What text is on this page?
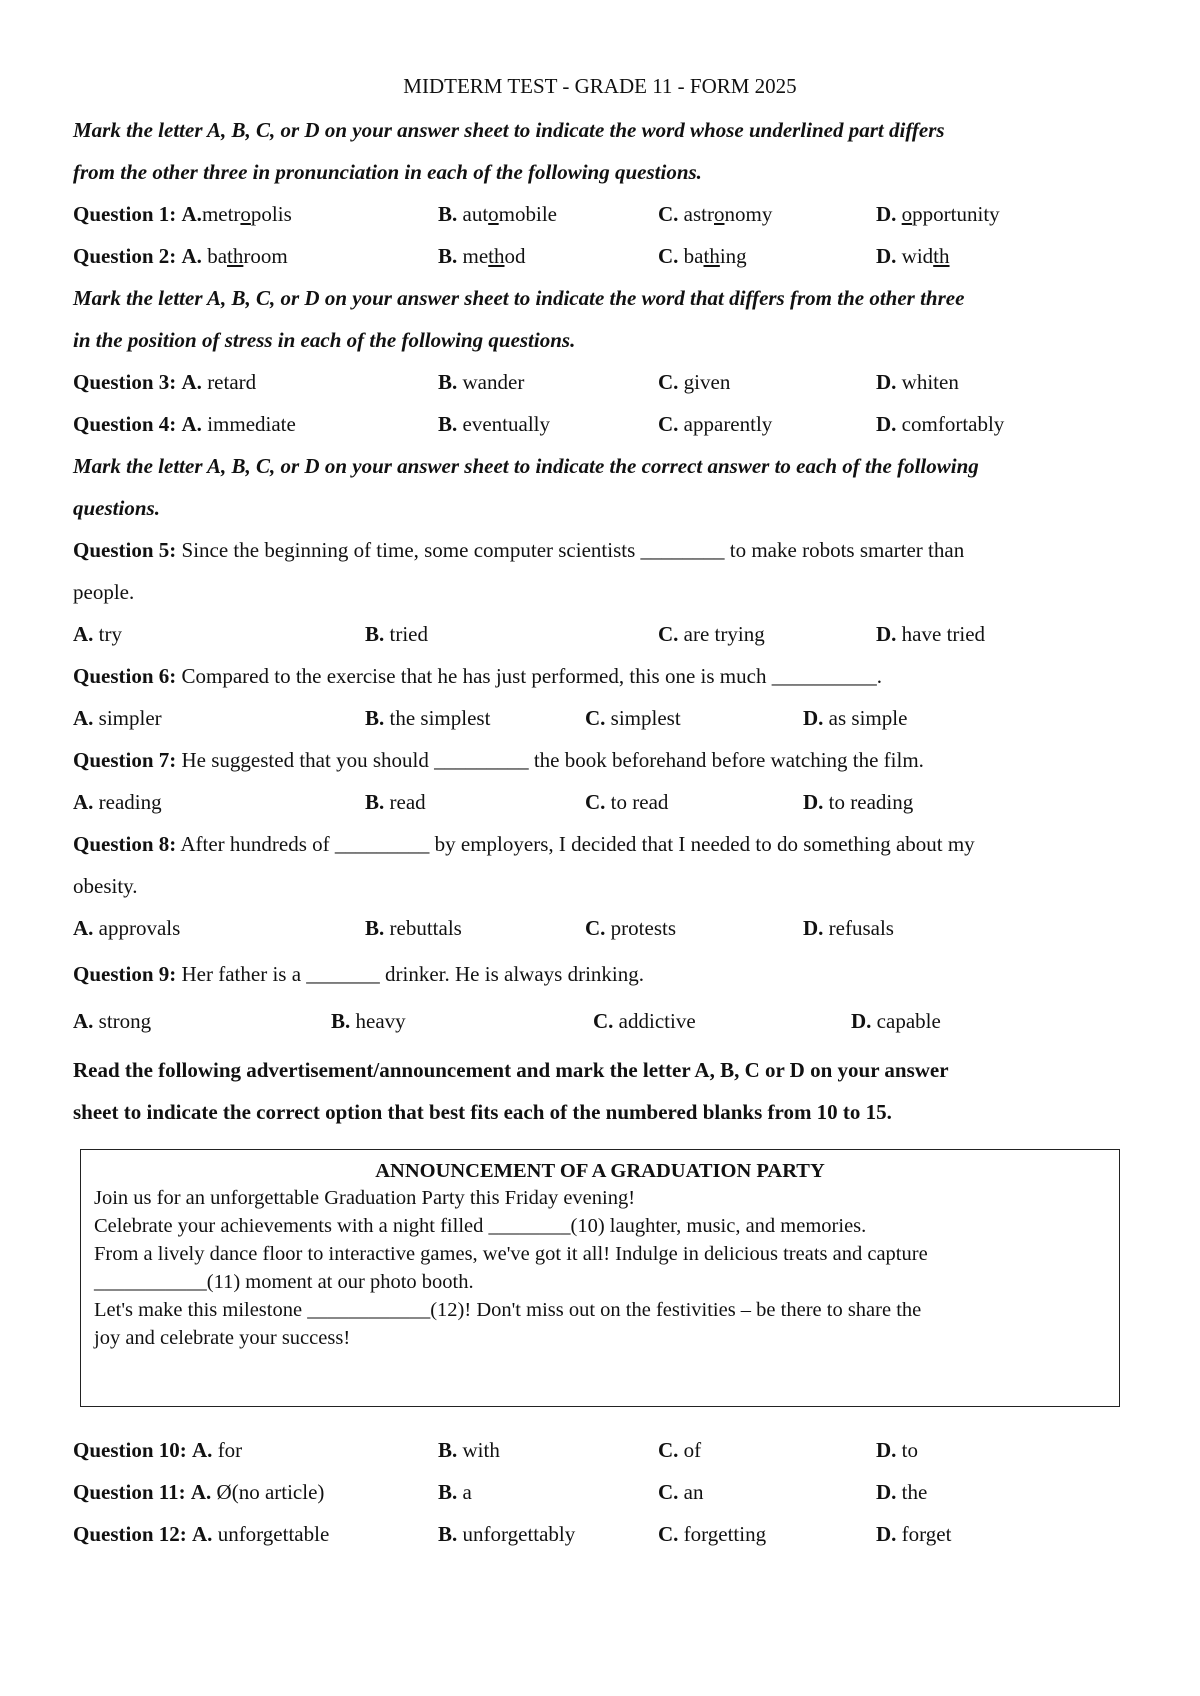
MIDTERM TEST - GRADE 11 - FORM 2025
Mark the letter A, B, C, or D on your answer sheet to indicate the word whose underlined part differs
from the other three in pronunciation in each of the following questions.
Question 1: A.metropolis	B. automobile	C. astronomy	D. opportunity
Question 2: A. bathroom	B. method	C. bathing	D. width
Mark the letter A, B, C, or D on your answer sheet to indicate the word that differs from the other three
in the position of stress in each of the following questions.
Question 3: A. retard	B. wander	C. given	D. whiten
Question 4: A. immediate	B. eventually	C. apparently	D. comfortably
Mark the letter A, B, C, or D on your answer sheet to indicate the correct answer to each of the following
questions.
Question 5: Since the beginning of time, some computer scientists ________ to make robots smarter than
people.
A. try	B. tried	C. are trying	D. have tried
Question 6: Compared to the exercise that he has just performed, this one is much __________.
A. simpler	B. the simplest	C. simplest	D. as simple
Question 7: He suggested that you should _________ the book beforehand before watching the film.
A. reading	B. read	C. to read	D. to reading
Question 8: After hundreds of _________ by employers, I decided that I needed to do something about my
obesity.
A. approvals	B. rebuttals	C. protests	D. refusals
Question 9: Her father is a _______ drinker. He is always drinking.
A. strong	B. heavy	C. addictive	D. capable
Read the following advertisement/announcement and mark the letter A, B, C or D on your answer
sheet to indicate the correct option that best fits each of the numbered blanks from 10 to 15.
ANNOUNCEMENT OF A GRADUATION PARTY
Join us for an unforgettable Graduation Party this Friday evening!
Celebrate your achievements with a night filled ________(10) laughter, music, and memories.
From a lively dance floor to interactive games, we've got it all! Indulge in delicious treats and capture
___________(11) moment at our photo booth.
Let's make this milestone ____________(12)! Don't miss out on the festivities – be there to share the
joy and celebrate your success!
Question 10: A. for	B. with	C. of	D. to
Question 11: A. Ø(no article)	B. a	C. an	D. the
Question 12: A. unforgettable	B. unforgettably	C. forgetting	D. forget
